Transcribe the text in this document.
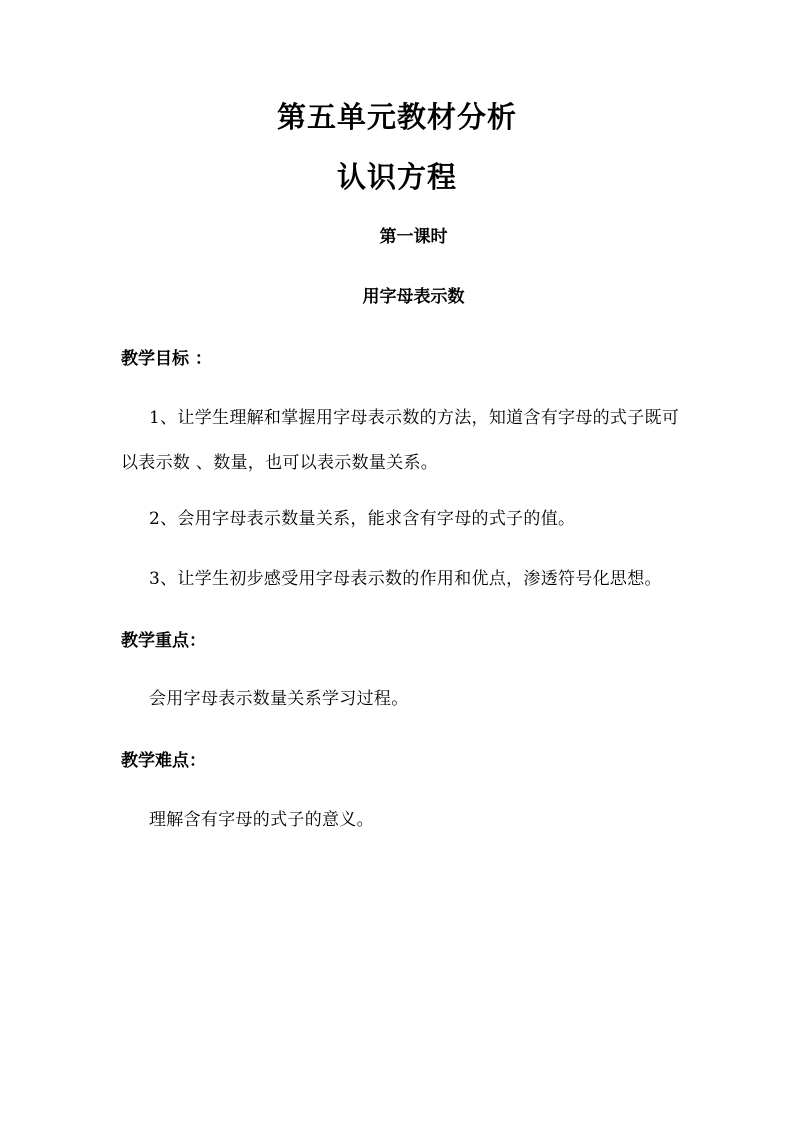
第五单元教材分析
认识方程
第一课时
用字母表示数
教学目标 ：
1、让学生理解和掌握用字母表示数的方法，知道含有字母的式子既可以表示数 、数量，也可以表示数量关系。
2、会用字母表示数量关系，能求含有字母的式子的值。
3、让学生初步感受用字母表示数的作用和优点，渗透符号化思想。
教学重点：
会用字母表示数量关系学习过程。
教学难点：
理解含有字母的式子的意义。
